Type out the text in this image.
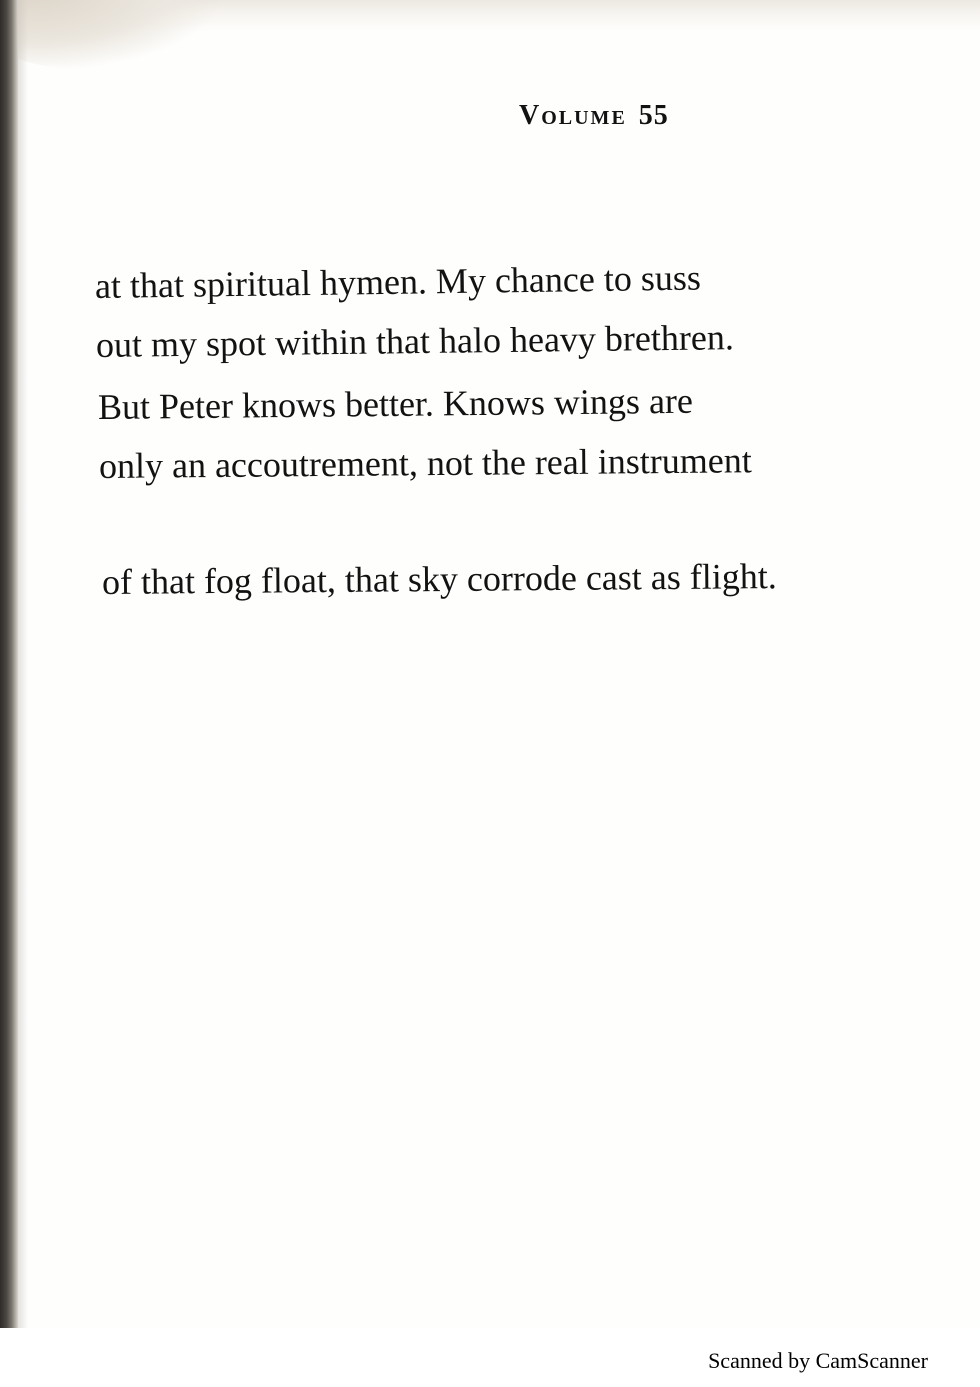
Volume 55

at that spiritual hymen. My chance to suss

out my spot within that halo heavy brethren.

But Peter knows better. Knows wings are

only an accoutrement, not the real instrument

of that fog float, that sky corrode cast as flight.

Scanned by CamScanner
